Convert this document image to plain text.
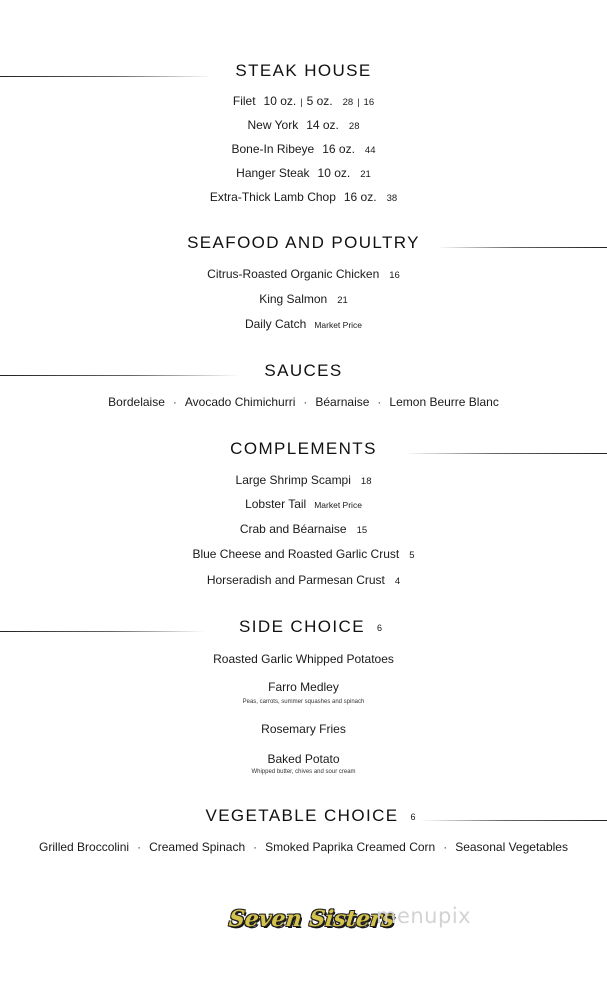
STEAK HOUSE
Filet 10 oz. | 5 oz. 28 | 16
New York 14 oz. 28
Bone-In Ribeye 16 oz. 44
Hanger Steak 10 oz. 21
Extra-Thick Lamb Chop 16 oz. 38
SEAFOOD AND POULTRY
Citrus-Roasted Organic Chicken 16
King Salmon 21
Daily Catch Market Price
SAUCES
Bordelaise · Avocado Chimichurri · Béarnaise · Lemon Beurre Blanc
COMPLEMENTS
Large Shrimp Scampi 18
Lobster Tail Market Price
Crab and Béarnaise 15
Blue Cheese and Roasted Garlic Crust 5
Horseradish and Parmesan Crust 4
SIDE CHOICE 6
Roasted Garlic Whipped Potatoes
Farro Medley
Peas, carrots, summer squashes and spinach
Rosemary Fries
Baked Potato
Whipped butter, chives and sour cream
VEGETABLE CHOICE 6
Grilled Broccolini · Creamed Spinach · Smoked Paprika Creamed Corn · Seasonal Vegetables
Seven Sisters
menupix
